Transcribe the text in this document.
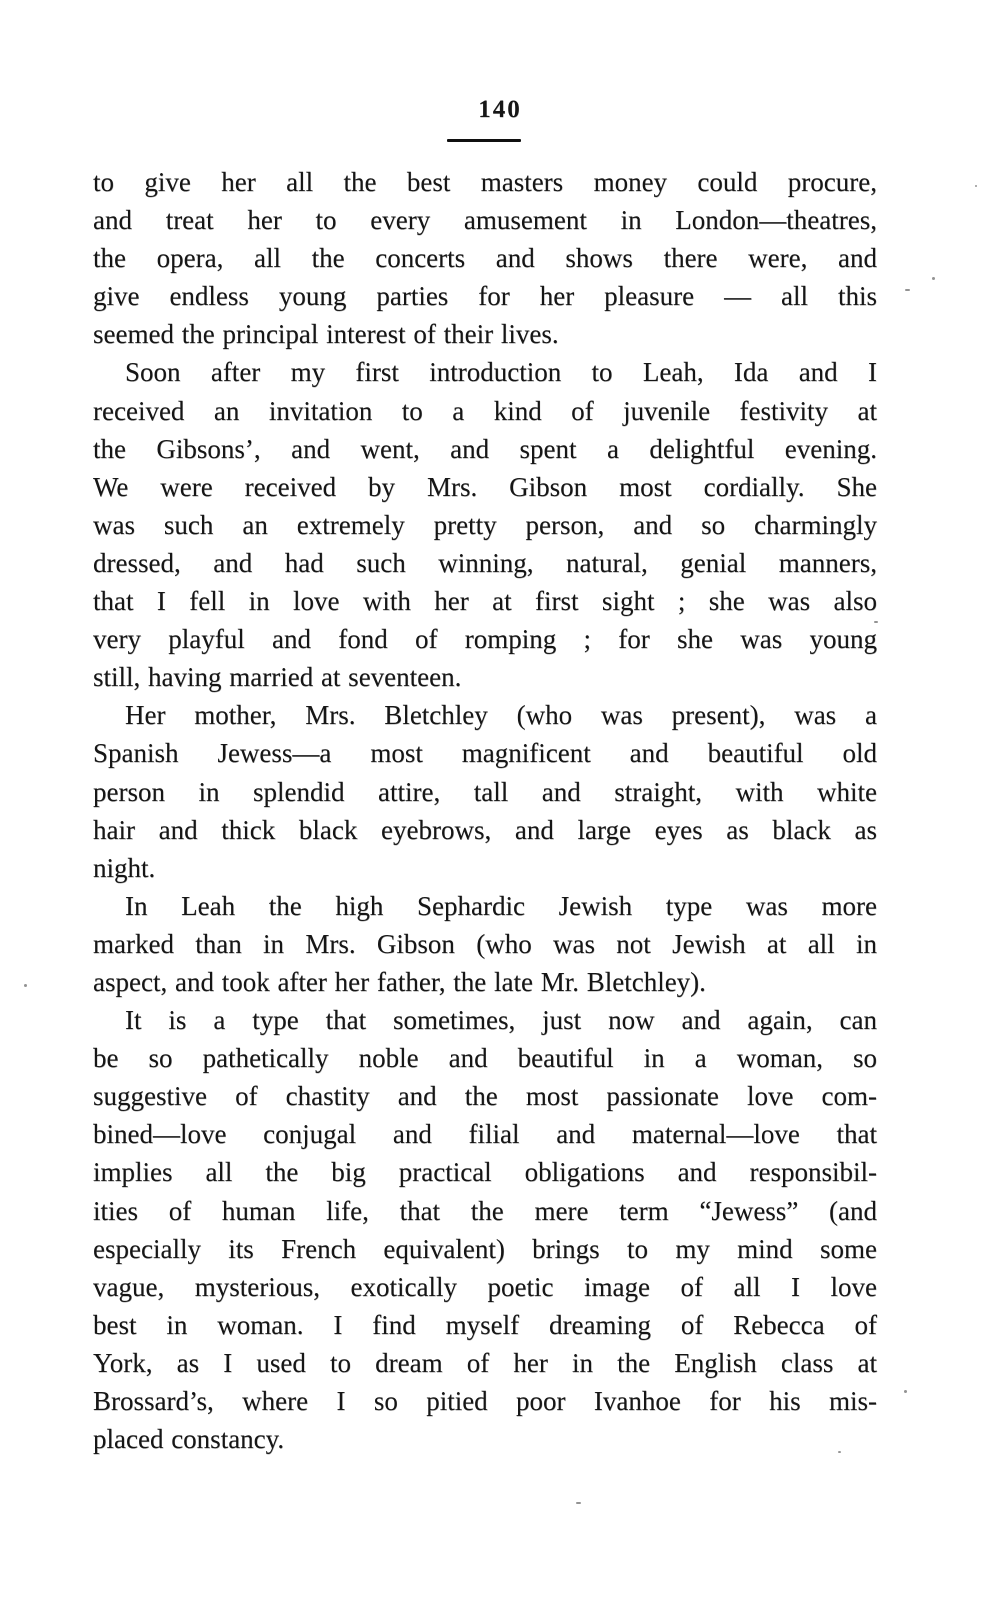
140
to give her all the best masters money could procure,
and treat her to every amusement in London—theatres,
the opera, all the concerts and shows there were, and
give endless young parties for her pleasure — all this
seemed the principal interest of their lives.
Soon after my first introduction to Leah, Ida and I
received an invitation to a kind of juvenile festivity at
the Gibsons’, and went, and spent a delightful evening.
We were received by Mrs. Gibson most cordially. She
was such an extremely pretty person, and so charmingly
dressed, and had such winning, natural, genial manners,
that I fell in love with her at first sight ; she was also
very playful and fond of romping ; for she was young
still, having married at seventeen.
Her mother, Mrs. Bletchley (who was present), was a
Spanish Jewess—a most magnificent and beautiful old
person in splendid attire, tall and straight, with white
hair and thick black eyebrows, and large eyes as black as
night.
In Leah the high Sephardic Jewish type was more
marked than in Mrs. Gibson (who was not Jewish at all in
aspect, and took after her father, the late Mr. Bletchley).
It is a type that sometimes, just now and again, can
be so pathetically noble and beautiful in a woman, so
suggestive of chastity and the most passionate love com-
bined—love conjugal and filial and maternal—love that
implies all the big practical obligations and responsibil-
ities of human life, that the mere term “Jewess” (and
especially its French equivalent) brings to my mind some
vague, mysterious, exotically poetic image of all I love
best in woman. I find myself dreaming of Rebecca of
York, as I used to dream of her in the English class at
Brossard’s, where I so pitied poor Ivanhoe for his mis-
placed constancy.
